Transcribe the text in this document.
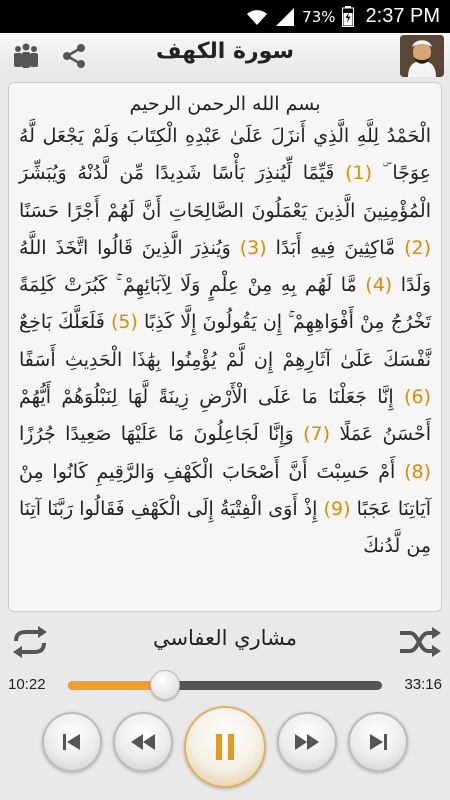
73% 2:37 PM
سورة الكهف
بسم الله الرحمن الرحيم
الْحَمْدُ لِلَّهِ الَّذِي أَنزَلَ عَلَىٰ عَبْدِهِ الْكِتَابَ وَلَمْ يَجْعَل لَّهُ عِوَجًا ۜ (1) قَيِّمًا لِّيُنذِرَ بَأْسًا شَدِيدًا مِّن لَّدُنْهُ وَيُبَشِّرَ الْمُؤْمِنِينَ الَّذِينَ يَعْمَلُونَ الصَّالِحَاتِ أَنَّ لَهُمْ أَجْرًا حَسَنًا (2) مَّاكِثِينَ فِيهِ أَبَدًا (3) وَيُنذِرَ الَّذِينَ قَالُوا اتَّخَذَ اللَّهُ وَلَدًا (4) مَّا لَهُم بِهِ مِنْ عِلْمٍ وَلَا لِآبَائِهِمْ ۚ كَبُرَتْ كَلِمَةً تَخْرُجُ مِنْ أَفْوَاهِهِمْ ۚ إِن يَقُولُونَ إِلَّا كَذِبًا (5) فَلَعَلَّكَ بَاخِعٌ نَّفْسَكَ عَلَىٰ آثَارِهِمْ إِن لَّمْ يُؤْمِنُوا بِهَٰذَا الْحَدِيثِ أَسَفًا (6) إِنَّا جَعَلْنَا مَا عَلَى الْأَرْضِ زِينَةً لَّهَا لِنَبْلُوَهُمْ أَيُّهُمْ أَحْسَنُ عَمَلًا (7) وَإِنَّا لَجَاعِلُونَ مَا عَلَيْهَا صَعِيدًا جُرُزًا (8) أَمْ حَسِبْتَ أَنَّ أَصْحَابَ الْكَهْفِ وَالرَّقِيمِ كَانُوا مِنْ آيَاتِنَا عَجَبًا (9) إِذْ أَوَى الْفِتْيَةُ إِلَى الْكَهْفِ فَقَالُوا رَبَّنَا آتِنَا مِن لَّدُنكَ
مشاري العفاسي
10:22	33:16
